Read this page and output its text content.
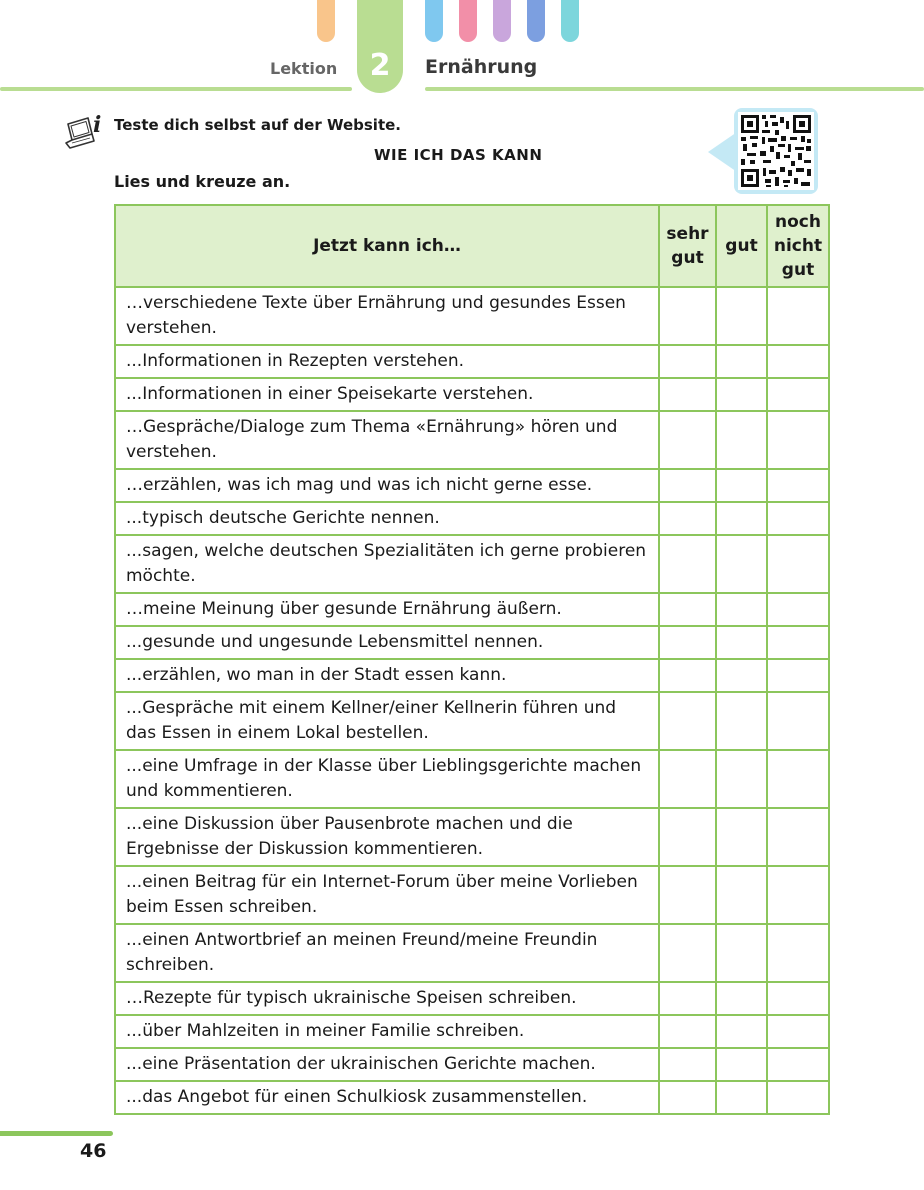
2
Lektion	Ernährung
i Teste dich selbst auf der Website.
WIE ICH DAS KANN
Lies und kreuze an.
Jetzt kann ich…	sehr gut	gut	noch nicht gut
…verschiedene Texte über Ernährung und gesundes Essen verstehen.			
...Informationen in Rezepten verstehen.			
...Informationen in einer Speisekarte verstehen.			
…Gespräche/Dialoge zum Thema «Ernährung» hören und verstehen.			
…erzählen, was ich mag und was ich nicht gerne esse.			
...typisch deutsche Gerichte nennen.			
...sagen, welche deutschen Spezialitäten ich gerne probieren möchte.			
…meine Meinung über gesunde Ernährung äußern.			
...gesunde und ungesunde Lebensmittel nennen.			
...erzählen, wo man in der Stadt essen kann.			
...Gespräche mit einem Kellner/einer Kellnerin führen und das Essen in einem Lokal bestellen.			
...eine Umfrage in der Klasse über Lieblingsgerichte machen und kommentieren.			
...eine Diskussion über Pausenbrote machen und die Ergebnisse der Diskussion kommentieren.			
...einen Beitrag für ein Internet-Forum über meine Vorlieben beim Essen schreiben.			
...einen Antwortbrief an meinen Freund/meine Freundin schreiben.			
…Rezepte für typisch ukrainische Speisen schreiben.			
...über Mahlzeiten in meiner Familie schreiben.			
...eine Präsentation der ukrainischen Gerichte machen.			
...das Angebot für einen Schulkiosk zusammenstellen.			
46
